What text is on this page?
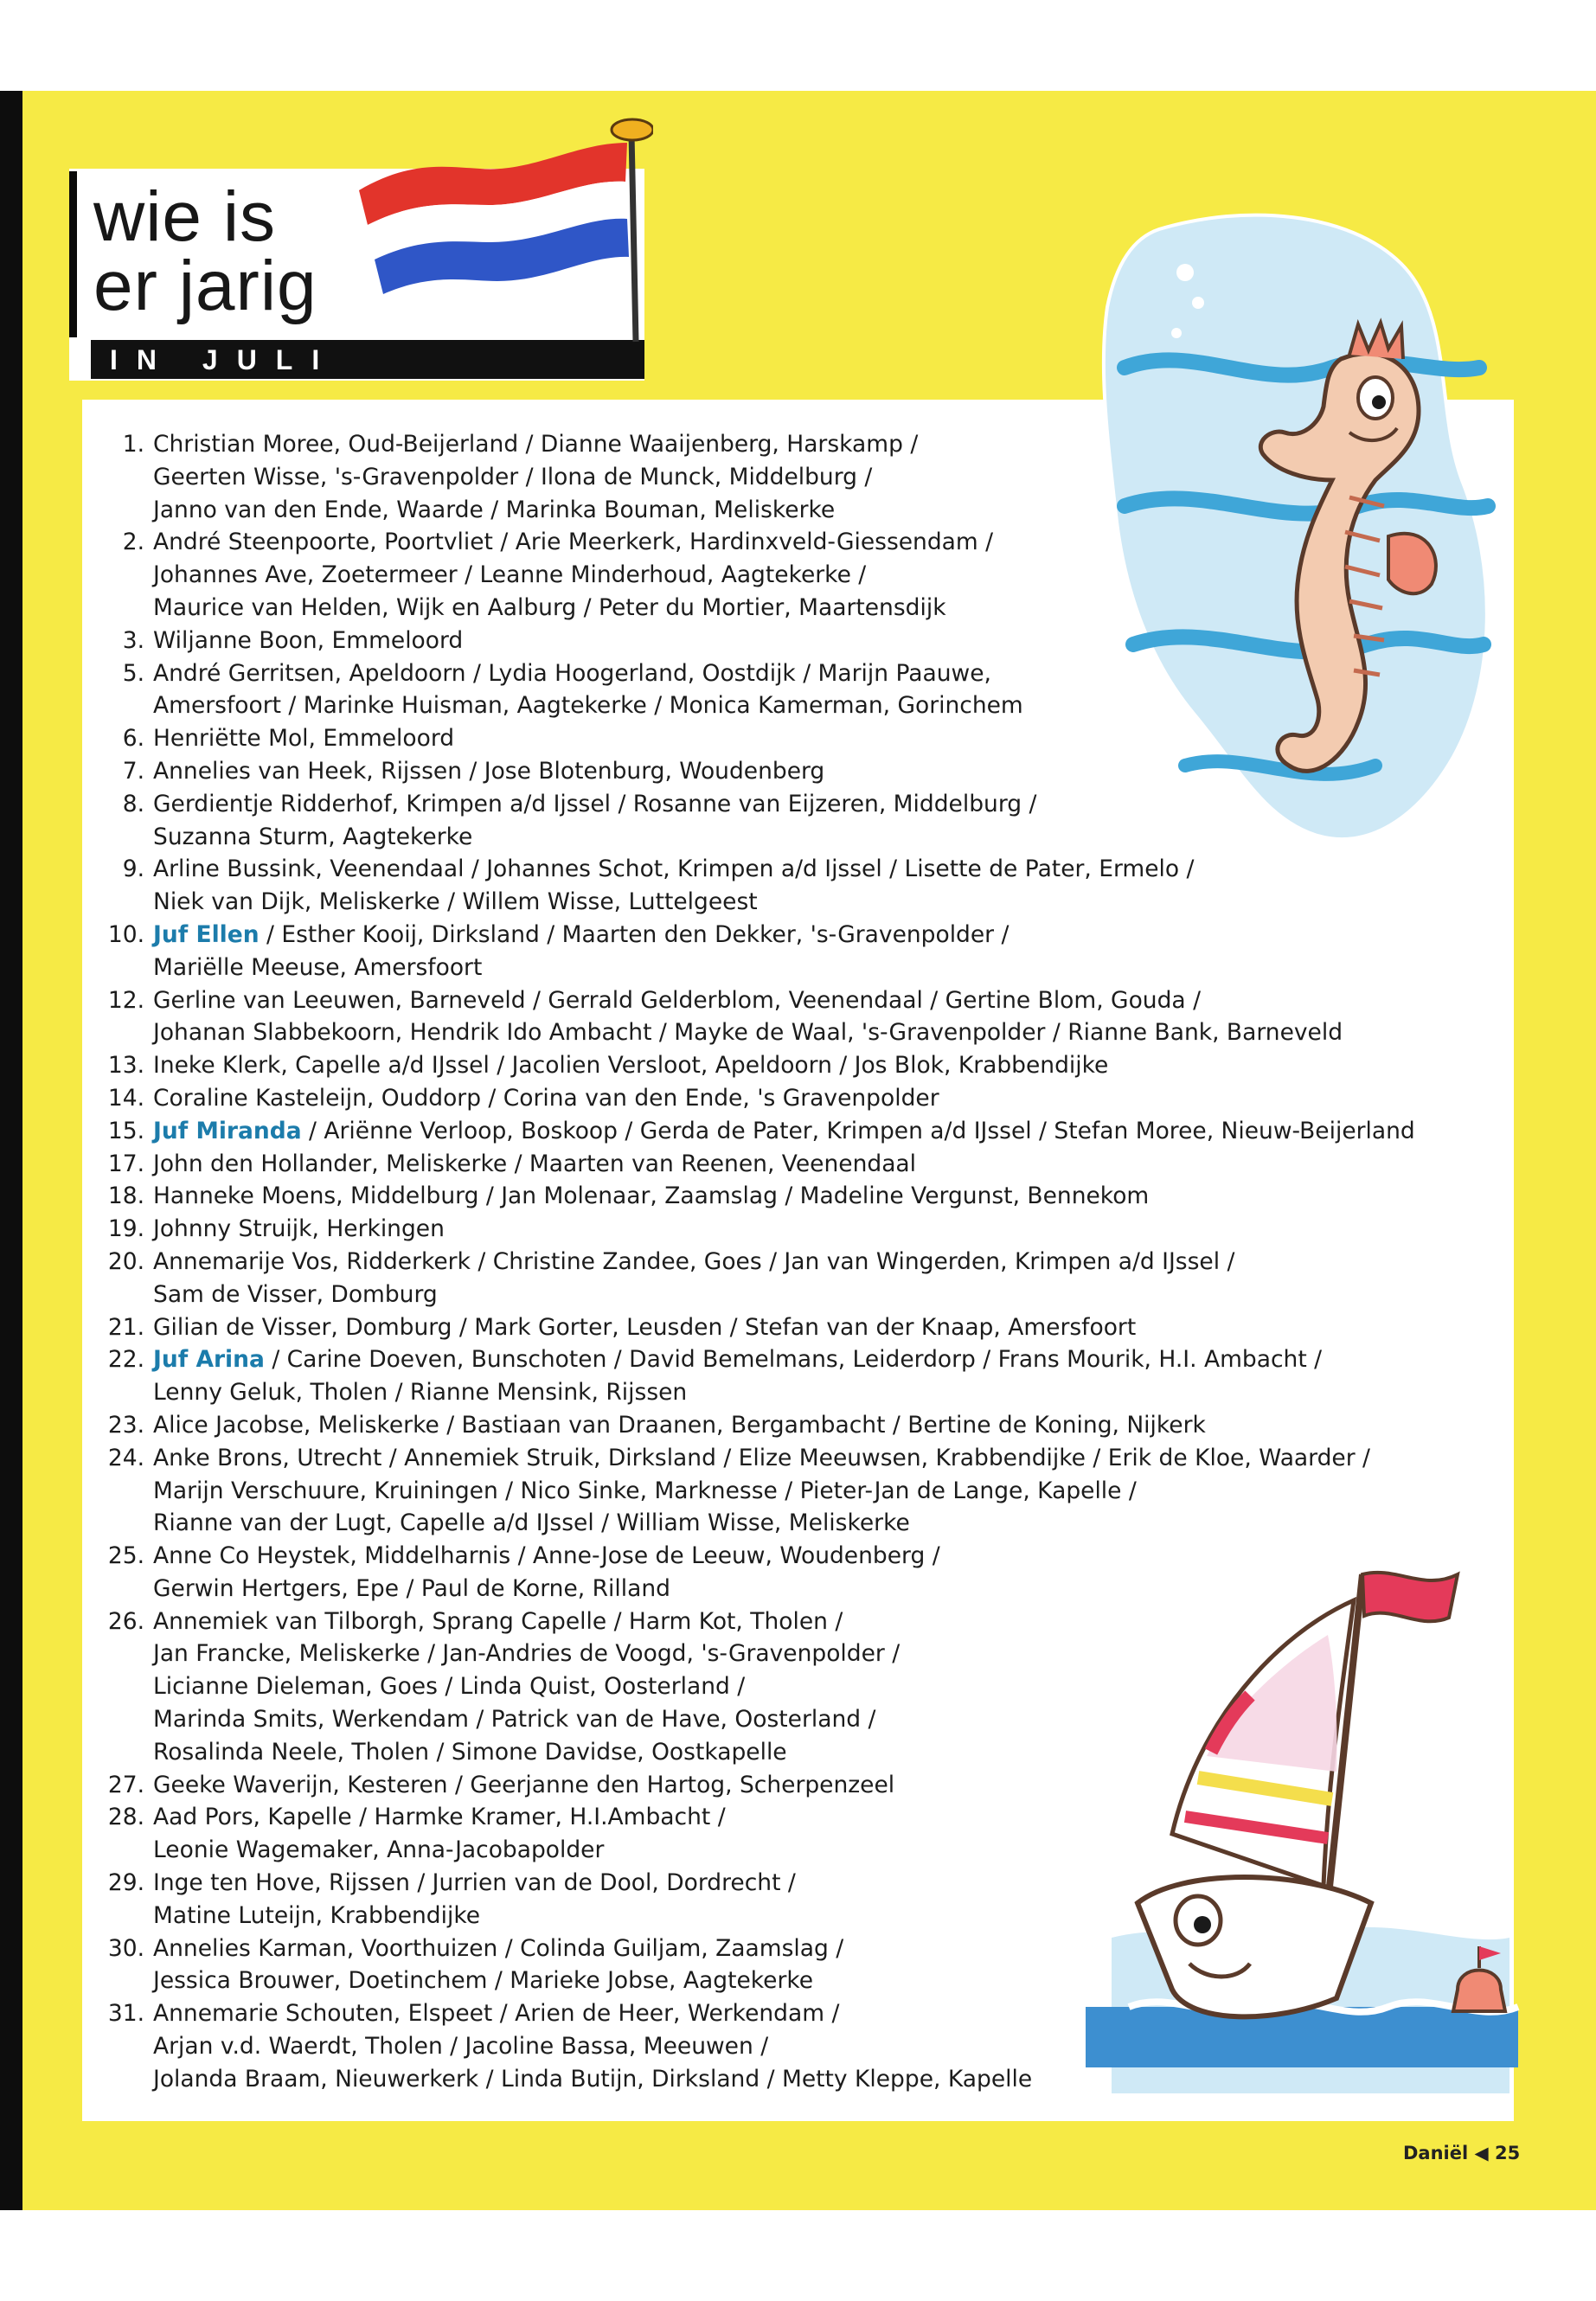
wie is
er jarig
IN JULI
1. Christian Moree, Oud-Beijerland / Dianne Waaijenberg, Harskamp /
Geerten Wisse, 's-Gravenpolder / Ilona de Munck, Middelburg /
Janno van den Ende, Waarde / Marinka Bouman, Meliskerke
2. André Steenpoorte, Poortvliet / Arie Meerkerk, Hardinxveld-Giessendam /
Johannes Ave, Zoetermeer / Leanne Minderhoud, Aagtekerke /
Maurice van Helden, Wijk en Aalburg / Peter du Mortier, Maartensdijk
3. Wiljanne Boon, Emmeloord
5. André Gerritsen, Apeldoorn / Lydia Hoogerland, Oostdijk / Marijn Paauwe,
Amersfoort / Marinke Huisman, Aagtekerke / Monica Kamerman, Gorinchem
6. Henriëtte Mol, Emmeloord
7. Annelies van Heek, Rijssen / Jose Blotenburg, Woudenberg
8. Gerdientje Ridderhof, Krimpen a/d Ijssel / Rosanne van Eijzeren, Middelburg /
Suzanna Sturm, Aagtekerke
9. Arline Bussink, Veenendaal / Johannes Schot, Krimpen a/d Ijssel / Lisette de Pater, Ermelo /
Niek van Dijk, Meliskerke / Willem Wisse, Luttelgeest
10. Juf Ellen / Esther Kooij, Dirksland / Maarten den Dekker, 's-Gravenpolder /
Mariëlle Meeuse, Amersfoort
12. Gerline van Leeuwen, Barneveld / Gerrald Gelderblom, Veenendaal / Gertine Blom, Gouda /
Johanan Slabbekoorn, Hendrik Ido Ambacht / Mayke de Waal, 's-Gravenpolder / Rianne Bank, Barneveld
13. Ineke Klerk, Capelle a/d IJssel / Jacolien Versloot, Apeldoorn / Jos Blok, Krabbendijke
14. Coraline Kasteleijn, Ouddorp / Corina van den Ende, 's Gravenpolder
15. Juf Miranda / Ariënne Verloop, Boskoop / Gerda de Pater, Krimpen a/d IJssel / Stefan Moree, Nieuw-Beijerland
17. John den Hollander, Meliskerke / Maarten van Reenen, Veenendaal
18. Hanneke Moens, Middelburg / Jan Molenaar, Zaamslag / Madeline Vergunst, Bennekom
19. Johnny Struijk, Herkingen
20. Annemarije Vos, Ridderkerk / Christine Zandee, Goes / Jan van Wingerden, Krimpen a/d IJssel /
Sam de Visser, Domburg
21. Gilian de Visser, Domburg / Mark Gorter, Leusden / Stefan van der Knaap, Amersfoort
22. Juf Arina / Carine Doeven, Bunschoten / David Bemelmans, Leiderdorp / Frans Mourik, H.I. Ambacht /
Lenny Geluk, Tholen / Rianne Mensink, Rijssen
23. Alice Jacobse, Meliskerke / Bastiaan van Draanen, Bergambacht / Bertine de Koning, Nijkerk
24. Anke Brons, Utrecht / Annemiek Struik, Dirksland / Elize Meeuwsen, Krabbendijke / Erik de Kloe, Waarder /
Marijn Verschuure, Kruiningen / Nico Sinke, Marknesse / Pieter-Jan de Lange, Kapelle /
Rianne van der Lugt, Capelle a/d IJssel / William Wisse, Meliskerke
25. Anne Co Heystek, Middelharnis / Anne-Jose de Leeuw, Woudenberg /
Gerwin Hertgers, Epe / Paul de Korne, Rilland
26. Annemiek van Tilborgh, Sprang Capelle / Harm Kot, Tholen /
Jan Francke, Meliskerke / Jan-Andries de Voogd, 's-Gravenpolder /
Licianne Dieleman, Goes / Linda Quist, Oosterland /
Marinda Smits, Werkendam / Patrick van de Have, Oosterland /
Rosalinda Neele, Tholen / Simone Davidse, Oostkapelle
27. Geeke Waverijn, Kesteren / Geerjanne den Hartog, Scherpenzeel
28. Aad Pors, Kapelle / Harmke Kramer, H.I.Ambacht /
Leonie Wagemaker, Anna-Jacobapolder
29. Inge ten Hove, Rijssen / Jurrien van de Dool, Dordrecht /
Matine Luteijn, Krabbendijke
30. Annelies Karman, Voorthuizen / Colinda Guiljam, Zaamslag /
Jessica Brouwer, Doetinchem / Marieke Jobse, Aagtekerke
31. Annemarie Schouten, Elspeet / Arien de Heer, Werkendam /
Arjan v.d. Waerdt, Tholen / Jacoline Bassa, Meeuwen /
Jolanda Braam, Nieuwerkerk / Linda Butijn, Dirksland / Metty Kleppe, Kapelle
Daniël ◀ 25
